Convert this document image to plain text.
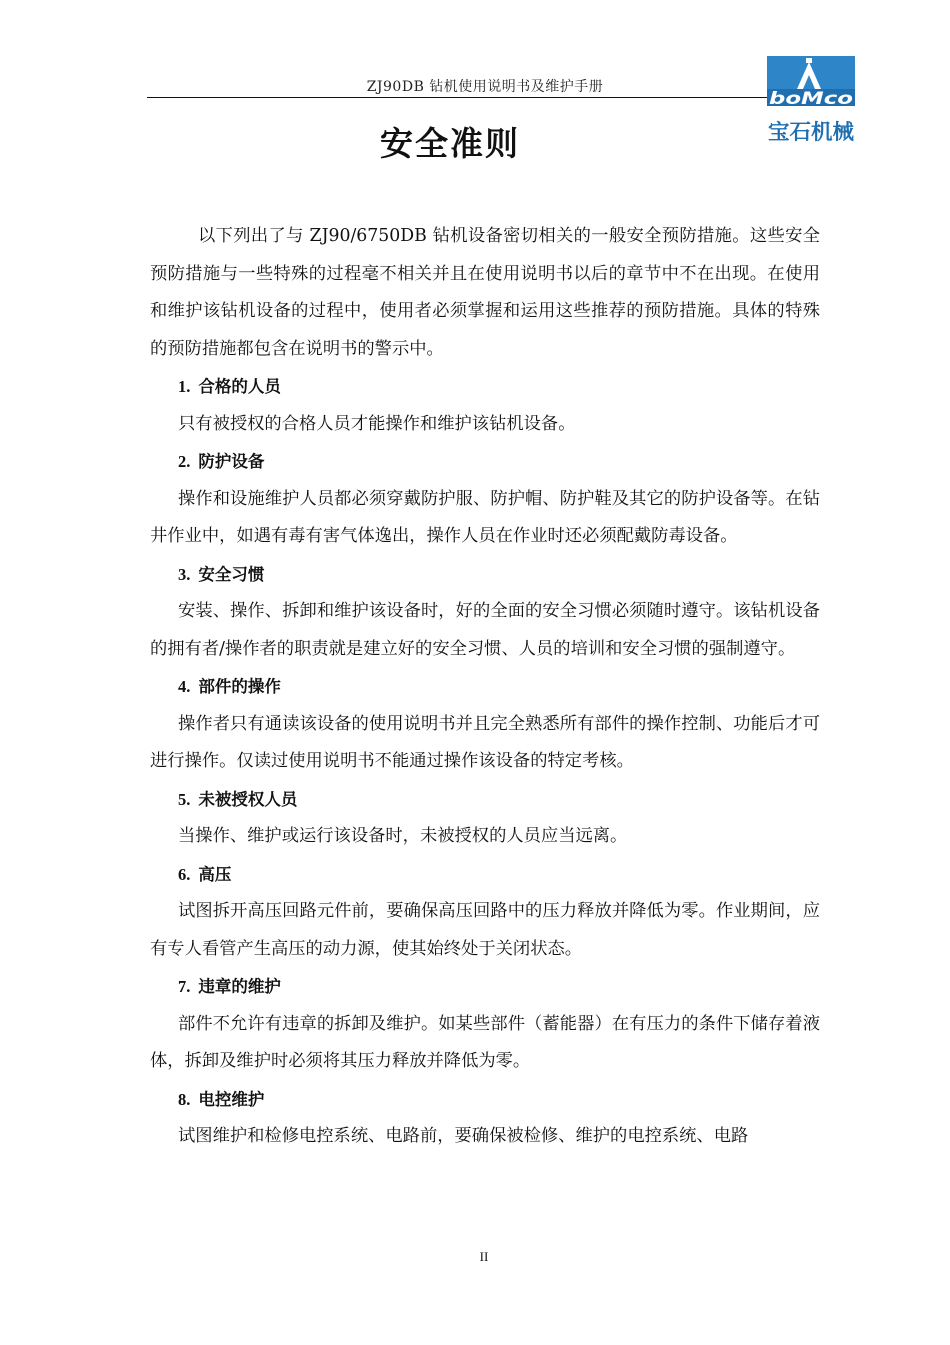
ZJ90DB 钻机使用说明书及维护手册
boMco
宝石机械
安全准则

以下列出了与 ZJ90/6750DB 钻机设备密切相关的一般安全预防措施。这些安全预防措施与一些特殊的过程毫不相关并且在使用说明书以后的章节中不在出现。在使用和维护该钻机设备的过程中，使用者必须掌握和运用这些推荐的预防措施。具体的特殊的预防措施都包含在说明书的警示中。

1. 合格的人员

只有被授权的合格人员才能操作和维护该钻机设备。

2. 防护设备

操作和设施维护人员都必须穿戴防护服、防护帽、防护鞋及其它的防护设备等。在钻井作业中，如遇有毒有害气体逸出，操作人员在作业时还必须配戴防毒设备。

3. 安全习惯

安装、操作、拆卸和维护该设备时，好的全面的安全习惯必须随时遵守。该钻机设备的拥有者/操作者的职责就是建立好的安全习惯、人员的培训和安全习惯的强制遵守。

4. 部件的操作

操作者只有通读该设备的使用说明书并且完全熟悉所有部件的操作控制、功能后才可进行操作。仅读过使用说明书不能通过操作该设备的特定考核。

5. 未被授权人员

当操作、维护或运行该设备时，未被授权的人员应当远离。

6. 高压

试图拆开高压回路元件前，要确保高压回路中的压力释放并降低为零。作业期间，应有专人看管产生高压的动力源，使其始终处于关闭状态。

7. 违章的维护

部件不允许有违章的拆卸及维护。如某些部件（蓄能器）在有压力的条件下储存着液体，拆卸及维护时必须将其压力释放并降低为零。

8. 电控维护

试图维护和检修电控系统、电路前，要确保被检修、维护的电控系统、电路

II
